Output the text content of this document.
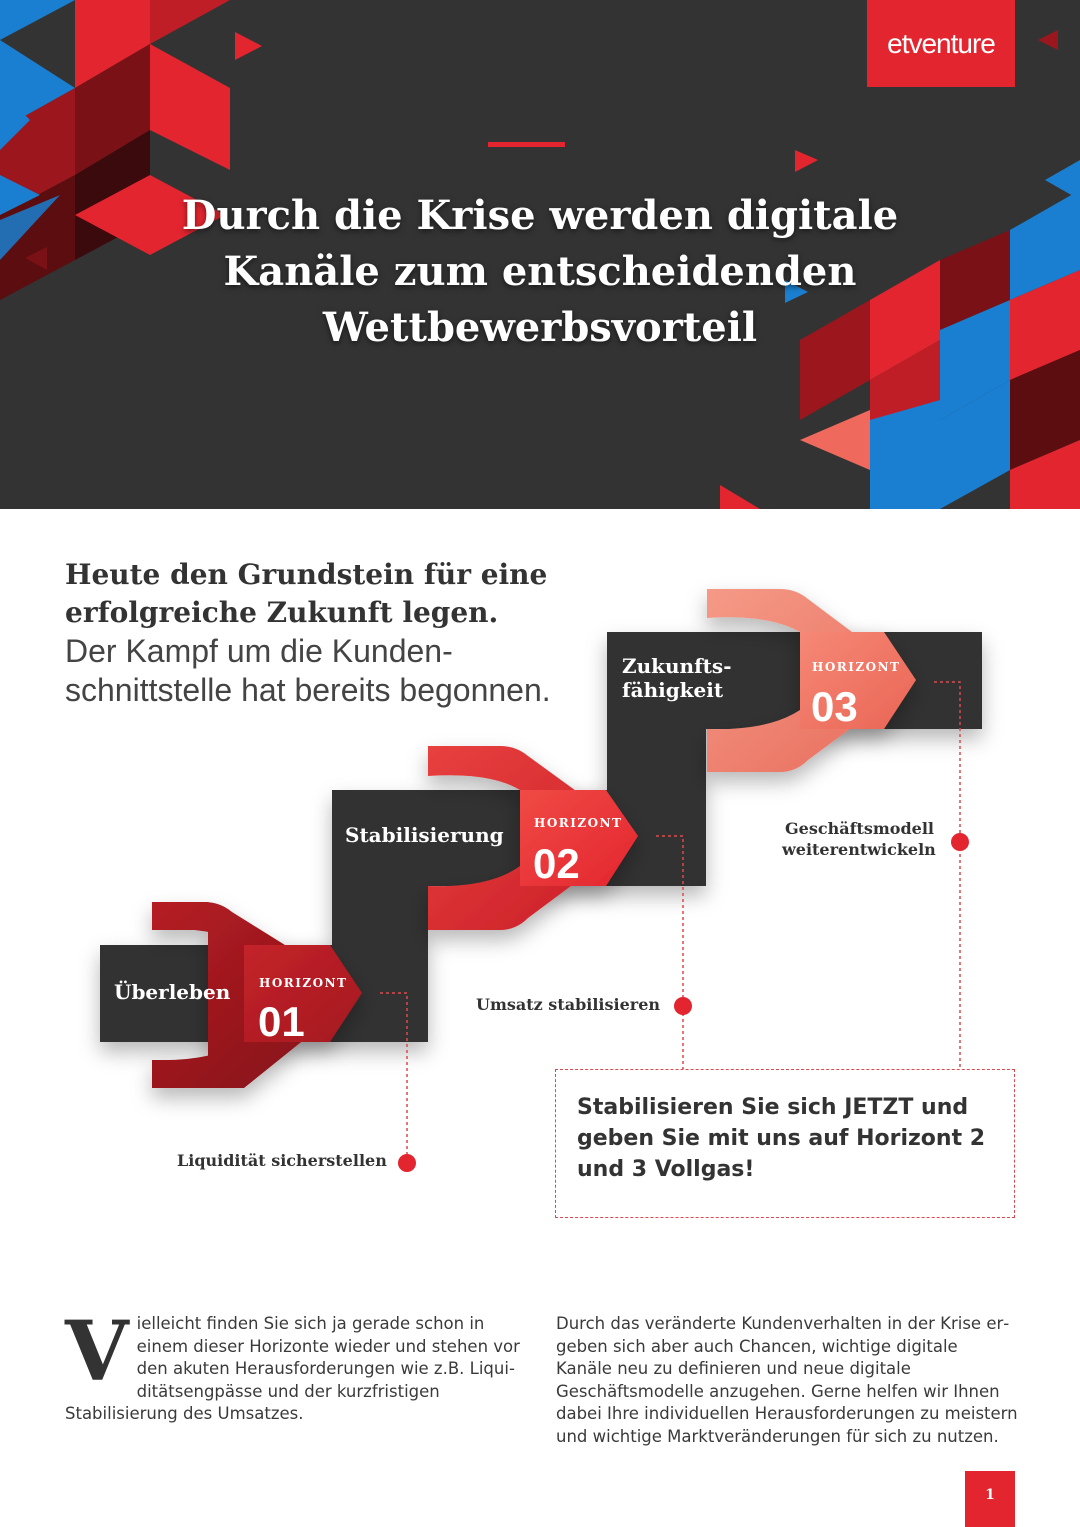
etventure
Durch die Krise werden digitale
Kanäle zum entscheidenden
Wettbewerbsvorteil

Heute den Grundstein für eine erfolgreiche Zukunft legen.
Der Kampf um die Kundenschnittstelle hat bereits begonnen.

Überleben HORIZONT
01
Liquidität sicherstellen

Stabilisierung	HORIZONT
02
Umsatz stabilisieren

Zukunftsfähigkeit

HORIZONT
03
Geschäftsmodell
weiterentwickeln

Stabilisieren Sie sich JETZT und geben Sie mit uns auf Horizont 2 und 3 Vollgas!

Vielleicht finden Sie sich ja gerade schon in einem dieser Horizonte wieder und stehen vor den akuten Herausforderungen wie z.B. Liquiditätsengpässe und der kurzfristigen Stabilisierung des Umsatzes.

Durch das veränderte Kundenverhalten in der Krise ergeben sich aber auch Chancen, wichtige digitale Kanäle neu zu definieren und neue digitale Geschäftsmodelle anzugehen. Gerne helfen wir Ihnen dabei Ihre individuellen Herausforderungen zu meistern und wichtige Marktveränderungen für sich zu nutzen.

1
